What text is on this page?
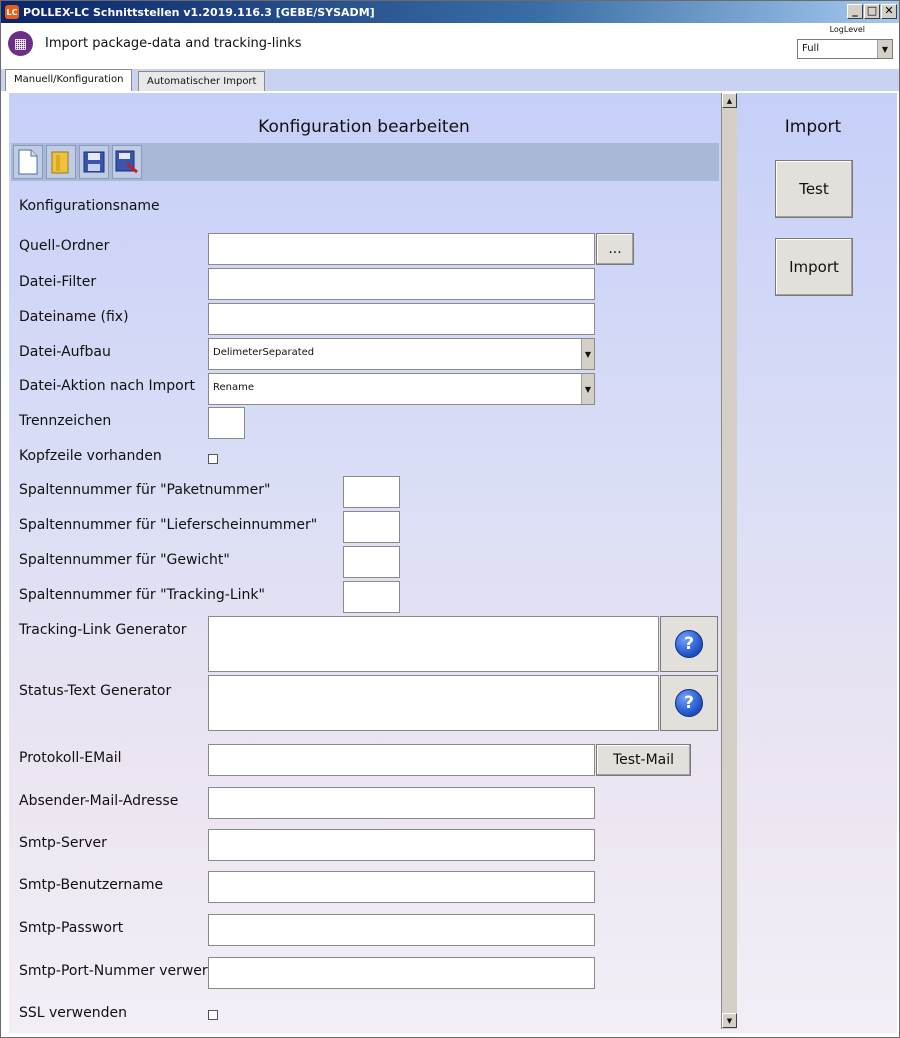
LC POLLEX-LC Schnittstellen v1.2019.116.3 [GEBE/SYSADM]	_ □ ✕
▦	Import package-data and tracking-links
LogLevel
Full	▼
Manuell/Konfiguration	Automatischer Import
Konfiguration bearbeiten
Konfigurationsname
Quell-Ordner	...
Datei-Filter
Dateiname (fix)
Datei-Aufbau	DelimeterSeparated	▼
Datei-Aktion nach Import	Rename	▼
Trennzeichen
Kopfzeile vorhanden
Spaltennummer für "Paketnummer"
Spaltennummer für "Lieferscheinnummer"
Spaltennummer für "Gewicht"
Spaltennummer für "Tracking-Link"
Tracking-Link Generator
?
Status-Text Generator
?
Protokoll-EMail	Test-Mail
Absender-Mail-Adresse
Smtp-Server
Smtp-Benutzername
Smtp-Passwort
Smtp-Port-Nummer verwer
SSL verwenden
▲
▼
Import
Test
Import
